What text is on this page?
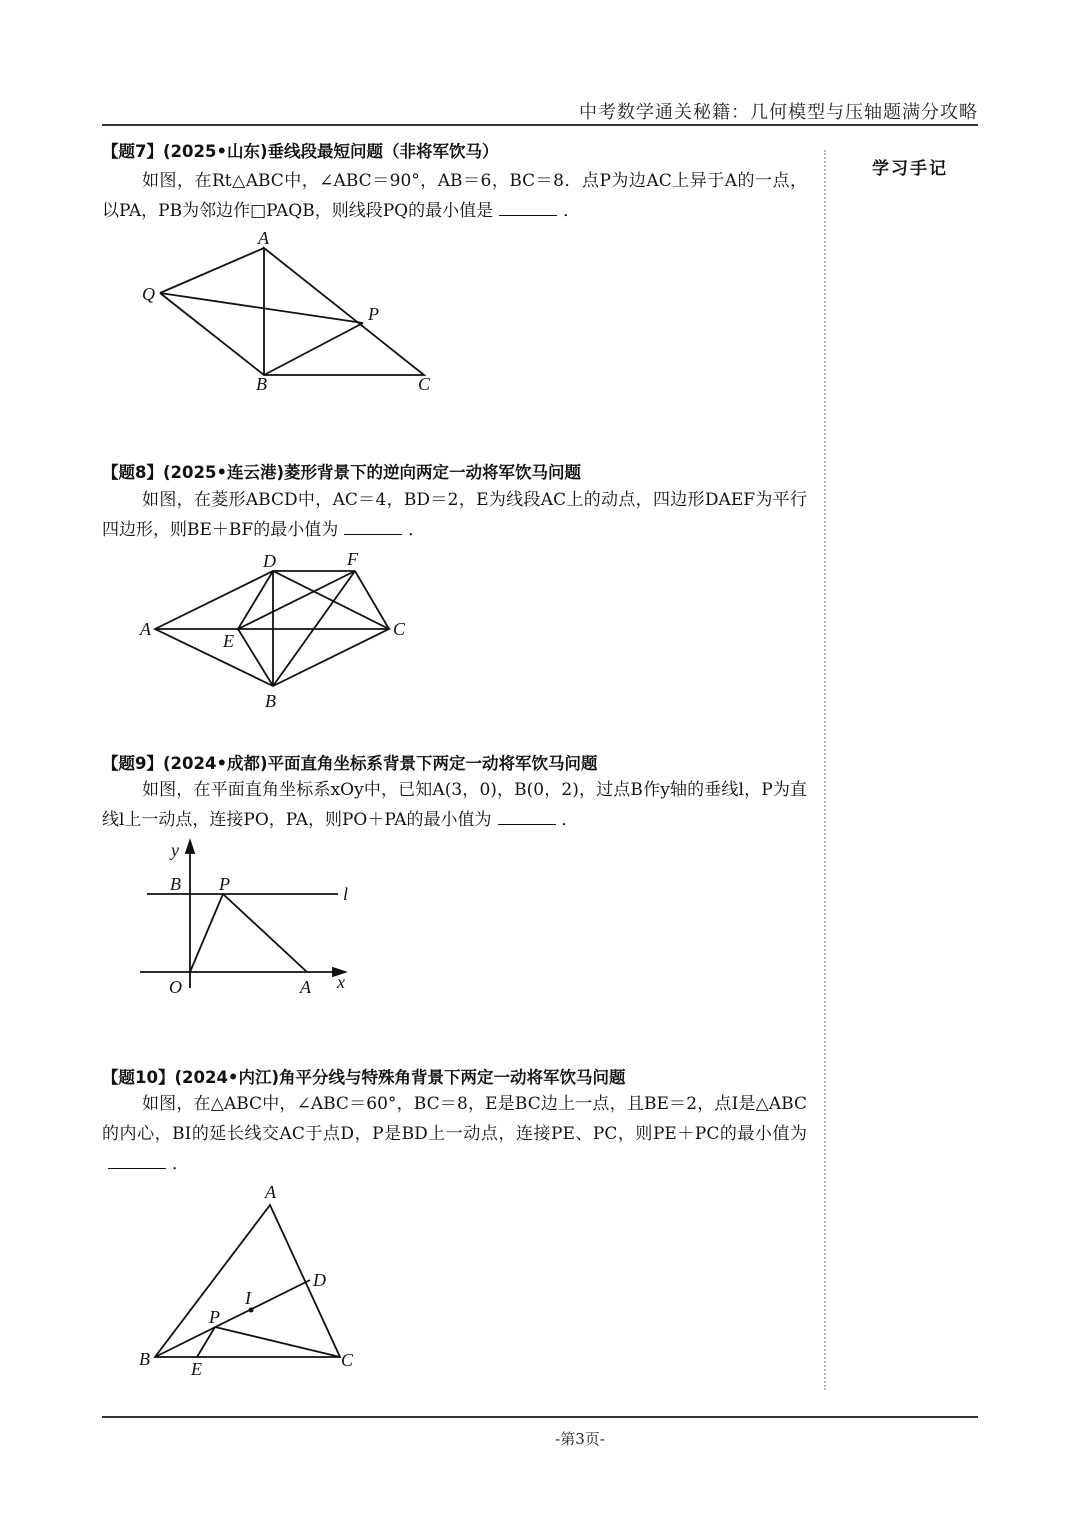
中考数学通关秘籍：几何模型与压轴题满分攻略
学习手记
【题7】(2025•山东)垂线段最短问题（非将军饮马）
如图，在Rt△ABC中，∠ABC＝90°，AB＝6，BC＝8．点P为边AC上异于A的一点，以PA，PB为邻边作□PAQB，则线段PQ的最小值是	．
A
Q
P
B	C
【题8】(2025•连云港)菱形背景下的逆向两定一动将军饮马问题
如图，在菱形ABCD中，AC＝4，BD＝2，E为线段AC上的动点，四边形DAEF为平行四边形，则BE＋BF的最小值为	．
D	F
A	C
E
B
【题9】(2024•成都)平面直角坐标系背景下两定一动将军饮马问题
如图，在平面直角坐标系xOy中，已知A(3，0)，B(0，2)，过点B作y轴的垂线l，P为直线l上一动点，连接PO，PA，则PO＋PA的最小值为	．
y
B P	l
O	A x
【题10】(2024•内江)角平分线与特殊角背景下两定一动将军饮马问题
如图，在△ABC中，∠ABC＝60°，BC＝8，E是BC边上一点，且BE＝2，点I是△ABC的内心，BI的延长线交AC于点D，P是BD上一动点，连接PE、PC，则PE＋PC的最小值为．
A
D
I
P
B E	C
-第3页-
